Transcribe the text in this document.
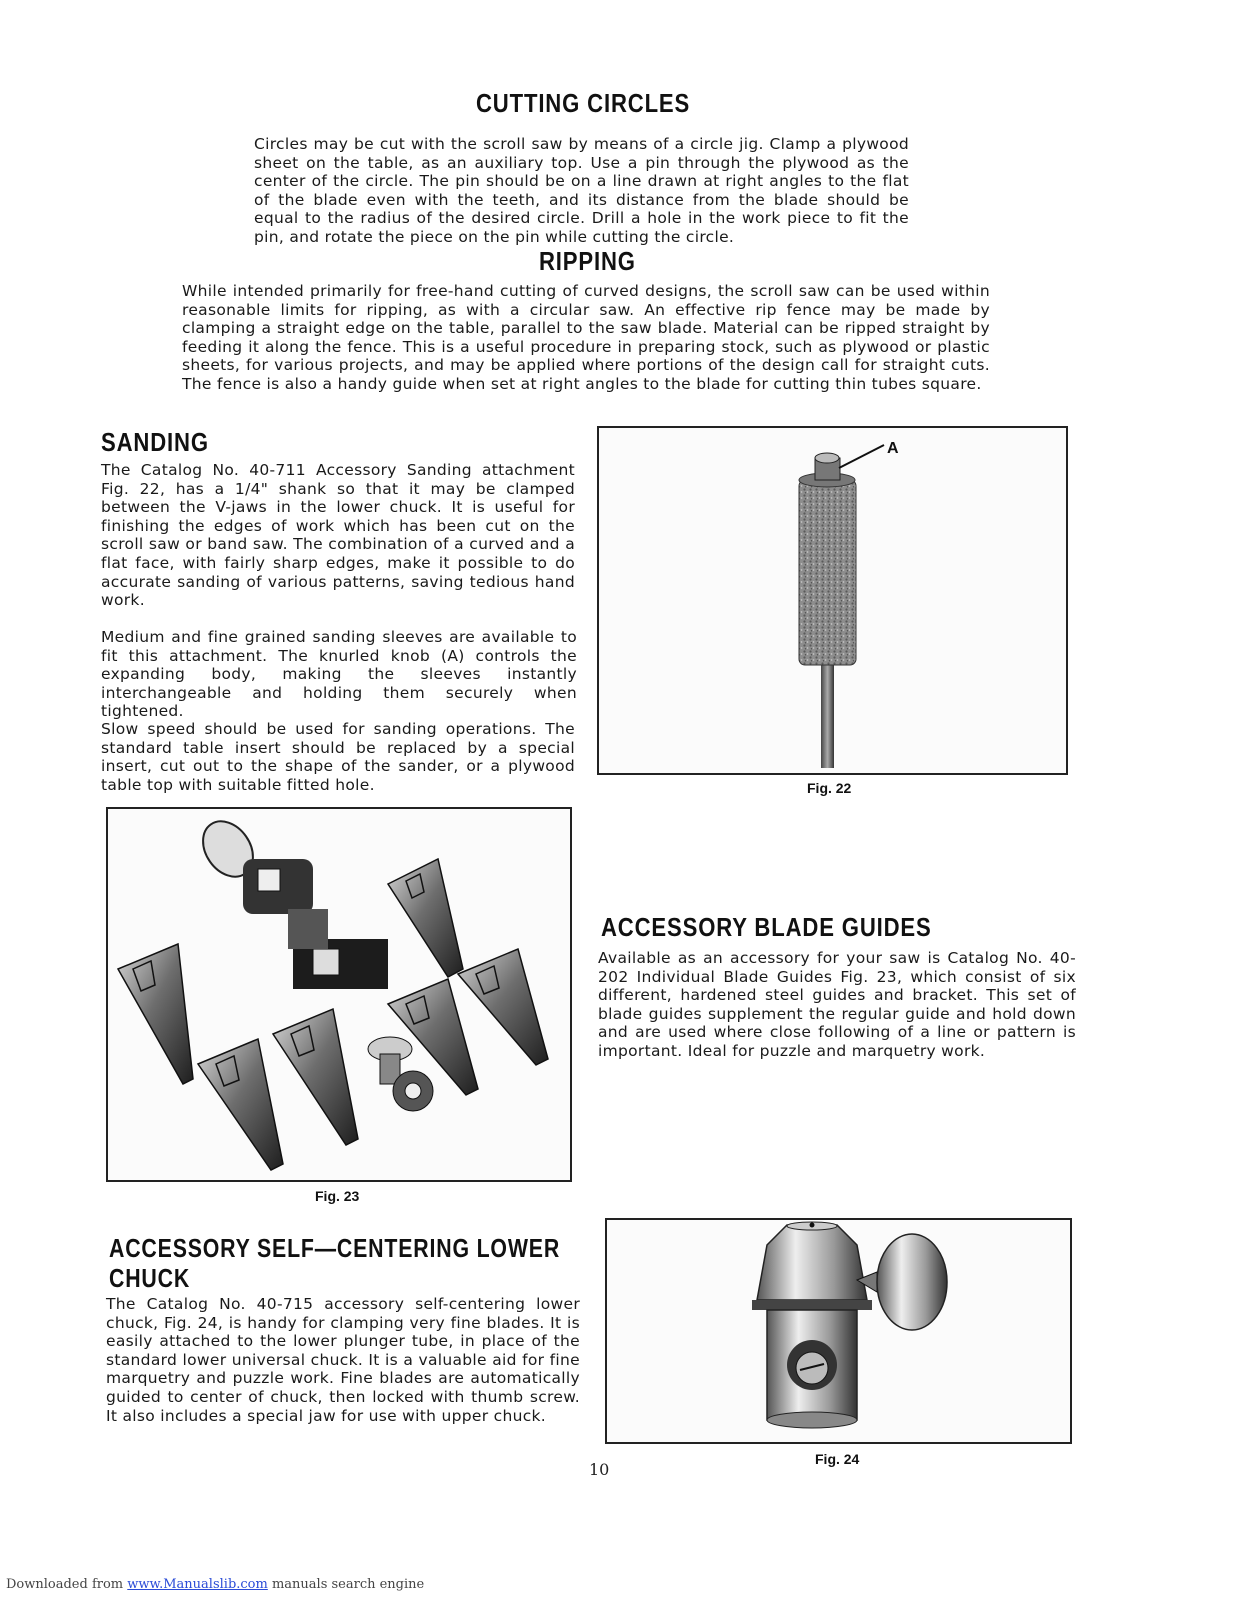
CUTTING CIRCLES
Circles may be cut with the scroll saw by means of a circle jig. Clamp a plywood sheet on the table, as an auxiliary top. Use a pin through the plywood as the center of the circle. The pin should be on a line drawn at right angles to the flat of the blade even with the teeth, and its distance from the blade should be equal to the radius of the desired circle. Drill a hole in the work piece to fit the pin, and rotate the piece on the pin while cutting the circle.
RIPPING
While intended primarily for free-hand cutting of curved designs, the scroll saw can be used within reasonable limits for ripping, as with a circular saw. An effective rip fence may be made by clamping a straight edge on the table, parallel to the saw blade. Material can be ripped straight by feeding it along the fence. This is a useful procedure in preparing stock, such as plywood or plastic sheets, for various projects, and may be applied where portions of the design call for straight cuts. The fence is also a handy guide when set at right angles to the blade for cutting thin tubes square.
SANDING
The Catalog No. 40-711 Accessory Sanding attachment Fig. 22, has a 1/4" shank so that it may be clamped between the V-jaws in the lower chuck. It is useful for finishing the edges of work which has been cut on the scroll saw or band saw. The combination of a curved and a flat face, with fairly sharp edges, make it possible to do accurate sanding of various patterns, saving tedious hand work.
Medium and fine grained sanding sleeves are available to fit this attachment. The knurled knob (A) controls the expanding body, making the sleeves instantly interchangeable and holding them securely when tightened.
Slow speed should be used for sanding operations. The standard table insert should be replaced by a special insert, cut out to the shape of the sander, or a plywood table top with suitable fitted hole.
A
Fig. 22
Fig. 23
ACCESSORY BLADE GUIDES
Available as an accessory for your saw is Catalog No. 40-202 Individual Blade Guides Fig. 23, which consist of six different, hardened steel guides and bracket. This set of blade guides supplement the regular guide and hold down and are used where close following of a line or pattern is important. Ideal for puzzle and marquetry work.
ACCESSORY SELF—CENTERING LOWER
CHUCK
The Catalog No. 40-715 accessory self-centering lower chuck, Fig. 24, is handy for clamping very fine blades. It is easily attached to the lower plunger tube, in place of the standard lower universal chuck. It is a valuable aid for fine marquetry and puzzle work. Fine blades are automatically guided to center of chuck, then locked with thumb screw. It also includes a special jaw for use with upper chuck.
Fig. 24
10
Downloaded from www.Manualslib.com manuals search engine
